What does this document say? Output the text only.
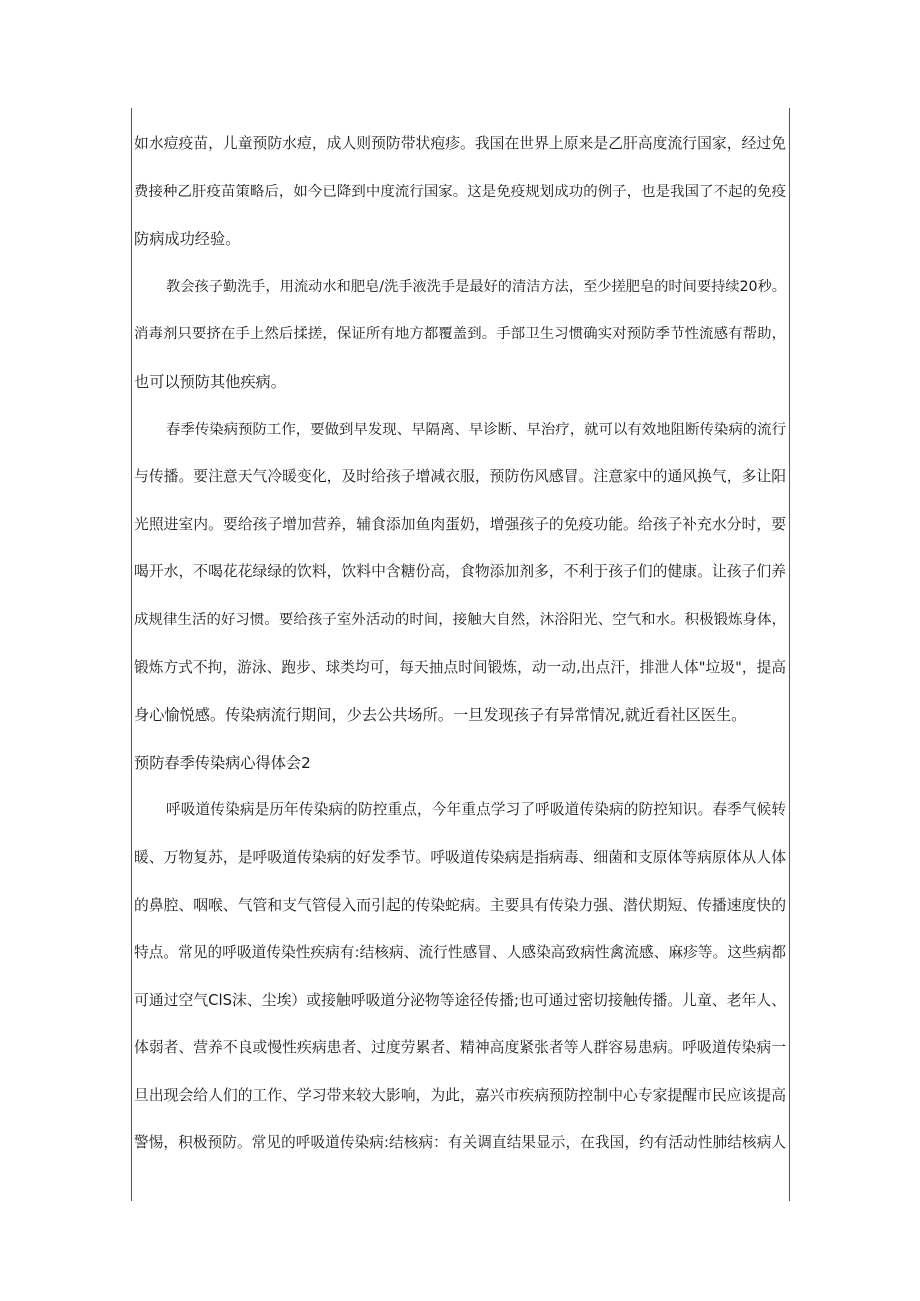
如水痘疫苗，儿童预防水痘，成人则预防带状疱疹。我国在世界上原来是乙肝高度流行国家，经过免
费接种乙肝疫苗策略后，如今已降到中度流行国家。这是免疫规划成功的例子，也是我国了不起的免疫
防病成功经验。
教会孩子勤洗手，用流动水和肥皂/洗手液洗手是最好的清洁方法，至少搓肥皂的时间要持续20秒。
消毒剂只要挤在手上然后揉搓，保证所有地方都覆盖到。手部卫生习惯确实对预防季节性流感有帮助，
也可以预防其他疾病。
春季传染病预防工作，要做到早发现、早隔离、早诊断、早治疗，就可以有效地阻断传染病的流行
与传播。要注意天气冷暖变化，及时给孩子增减衣服，预防伤风感冒。注意家中的通风换气，多让阳
光照进室内。要给孩子增加营养，辅食添加鱼肉蛋奶，增强孩子的免疫功能。给孩子补充水分时，要
喝开水，不喝花花绿绿的饮料，饮料中含糖份高，食物添加剂多，不利于孩子们的健康。让孩子们养
成规律生活的好习惯。要给孩子室外活动的时间，接触大自然，沐浴阳光、空气和水。积极锻炼身体，
锻炼方式不拘，游泳、跑步、球类均可，每天抽点时间锻炼，动一动,出点汗，排泄人体"垃圾"，提高
身心愉悦感。传染病流行期间，少去公共场所。一旦发现孩子有异常情况,就近看社区医生。
预防春季传染病心得体会2
呼吸道传染病是历年传染病的防控重点，今年重点学习了呼吸道传染病的防控知识。春季气候转
暖、万物复苏，是呼吸道传染病的好发季节。呼吸道传染病是指病毒、细菌和支原体等病原体从人体
的鼻腔、咽喉、气管和支气管侵入而引起的传染蛇病。主要具有传染力强、潜伏期短、传播速度快的
特点。常见的呼吸道传染性疾病有:结核病、流行性感冒、人感染高致病性禽流感、麻疹等。这些病都
可通过空气ClS沫、尘埃）或接触呼吸道分泌物等途径传播;也可通过密切接触传播。儿童、老年人、
体弱者、营养不良或慢性疾病患者、过度劳累者、精神高度紧张者等人群容易患病。呼吸道传染病一
旦出现会给人们的工作、学习带来较大影响，为此，嘉兴市疾病预防控制中心专家提醒市民应该提高
警惕，积极预防。常见的呼吸道传染病:结核病：有关调直结果显示，在我国，约有活动性肺结核病人
